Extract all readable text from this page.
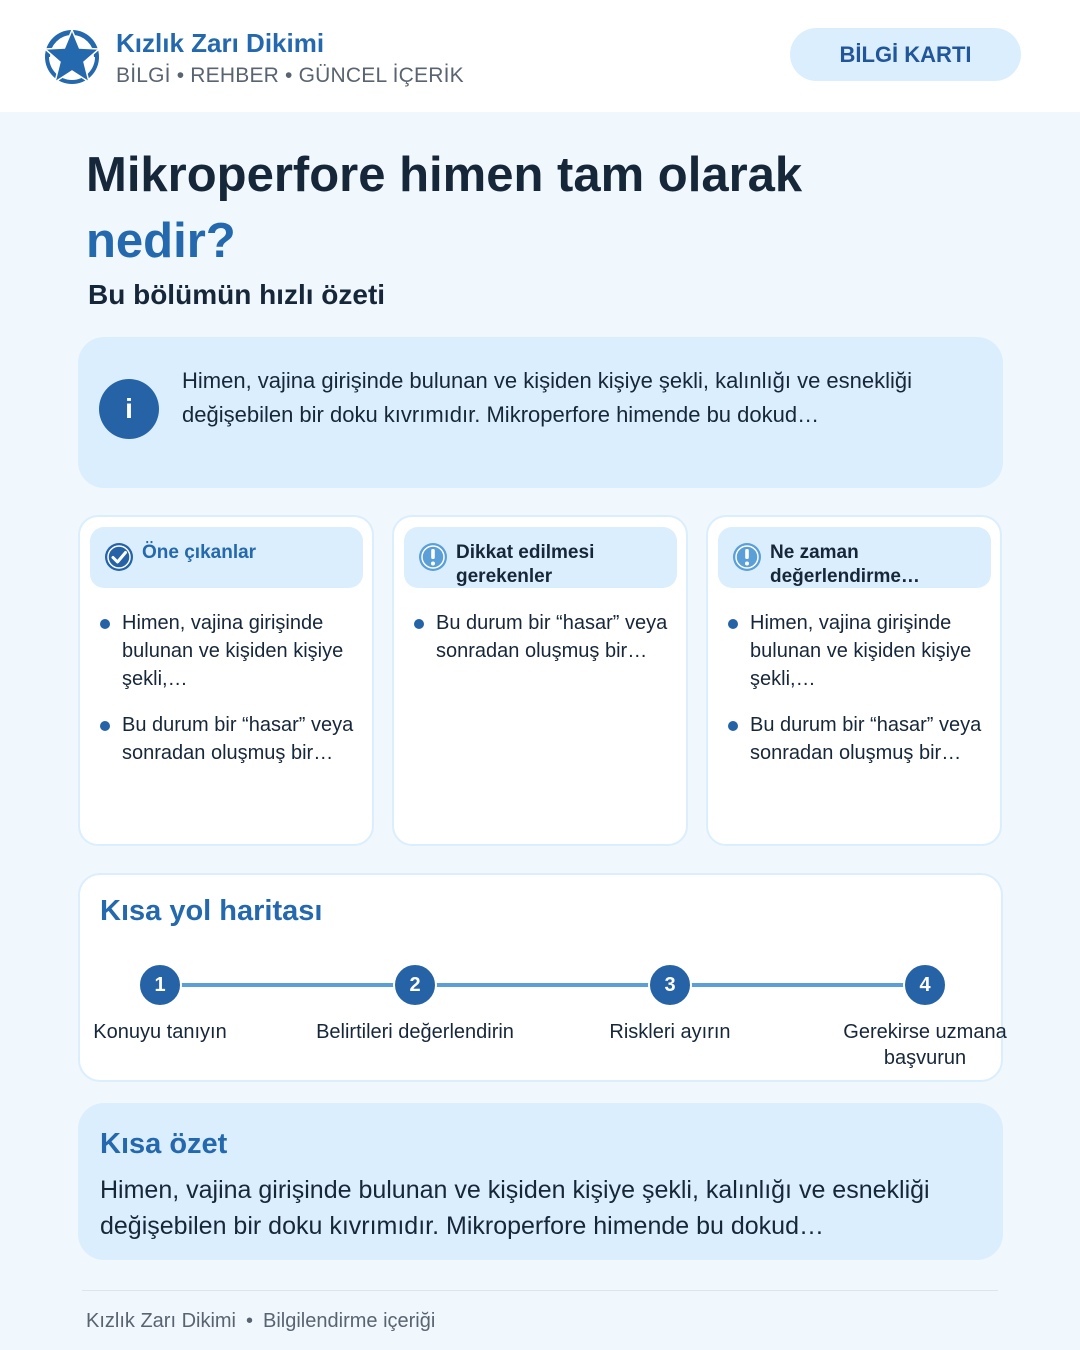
Kızlık Zarı Dikimi
BİLGİ • REHBER • GÜNCEL İÇERİK
BİLGİ KARTI
Mikroperfore himen tam olarak
nedir?
Bu bölümün hızlı özeti
i
Himen, vajina girişinde bulunan ve kişiden kişiye şekli, kalınlığı ve esnekliği değişebilen bir doku kıvrımıdır. Mikroperfore himende bu dokud…
Öne çıkanlar
Himen, vajina girişinde bulunan ve kişiden kişiye şekli,…
Bu durum bir “hasar” veya sonradan oluşmuş bir…
Dikkat edilmesi gerekenler
Bu durum bir “hasar” veya sonradan oluşmuş bir…
Ne zaman değerlendirme…
Himen, vajina girişinde bulunan ve kişiden kişiye şekli,…
Bu durum bir “hasar” veya sonradan oluşmuş bir…
Kısa yol haritası
1	2	3	4
Konuyu tanıyın	Belirtileri değerlendirin	Riskleri ayırın	Gerekirse uzmana başvurun
Kısa özet
Himen, vajina girişinde bulunan ve kişiden kişiye şekli, kalınlığı ve esnekliği değişebilen bir doku kıvrımıdır. Mikroperfore himende bu dokud…
Kızlık Zarı Dikimi • Bilgilendirme içeriği
